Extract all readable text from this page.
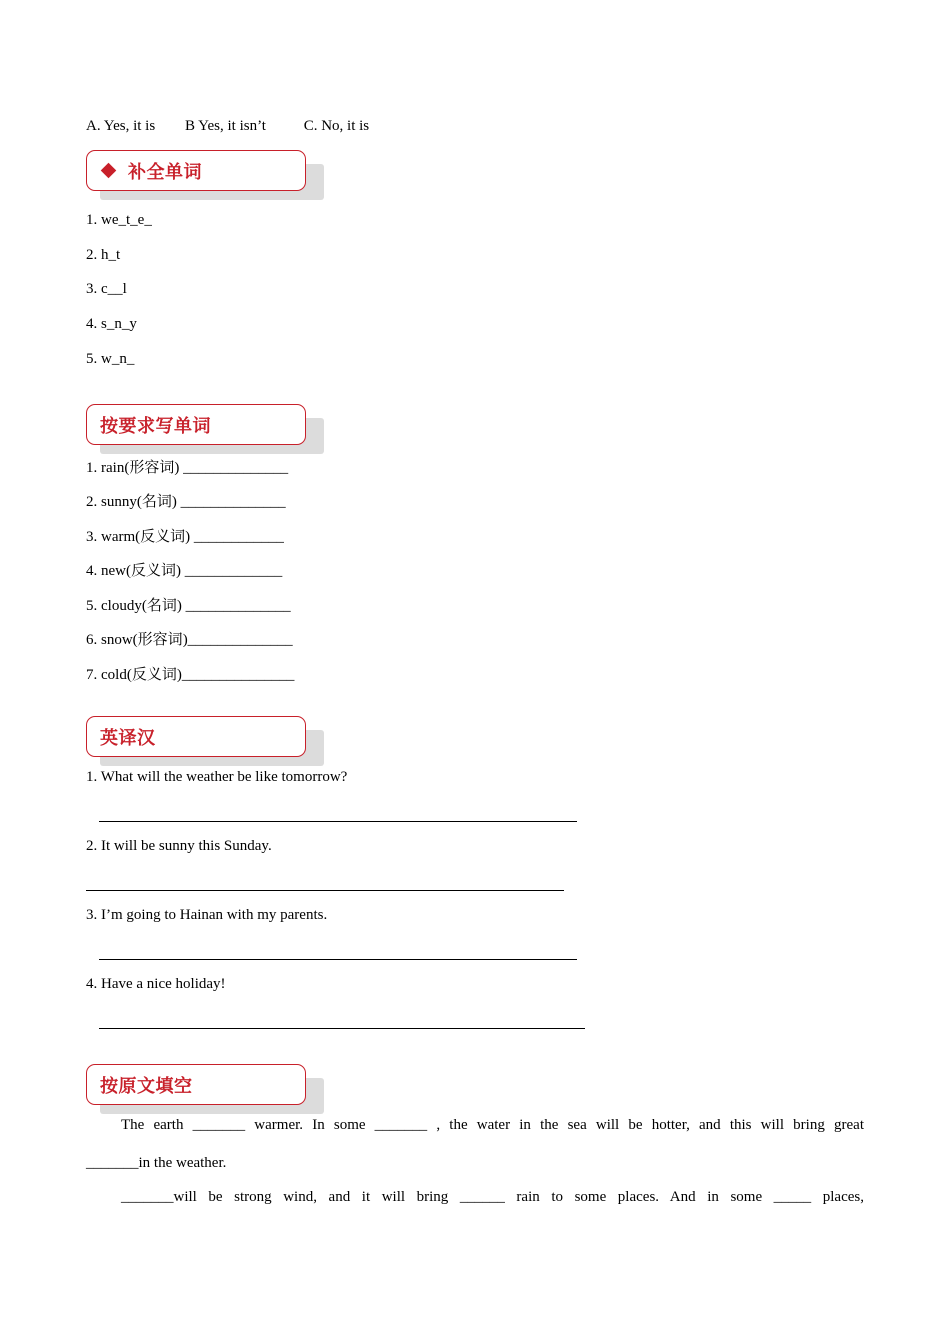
A. Yes, it is B Yes, it isn’t	C. No, it is
补全单词
1. we_t_e_
2. h_t
3. c__l
4. s_n_y
5. w_n_
按要求写单词
1. rain(形容词) ______________
2. sunny(名词) ______________
3. warm(反义词) ____________
4. new(反义词) _____________
5. cloudy(名词) ______________
6. snow(形容词)______________
7. cold(反义词)_______________
英译汉
1. What will the weather be like tomorrow?
2. It will be sunny this Sunday.
3. I’m going to Hainan with my parents.
4. Have a nice holiday!
按原文填空
The earth _______ warmer. In some _______ , the water in the sea will be hotter, and this will bring great
_______in the weather.
_______will be strong wind, and it will bring ______ rain to some places. And in some _____ places,
